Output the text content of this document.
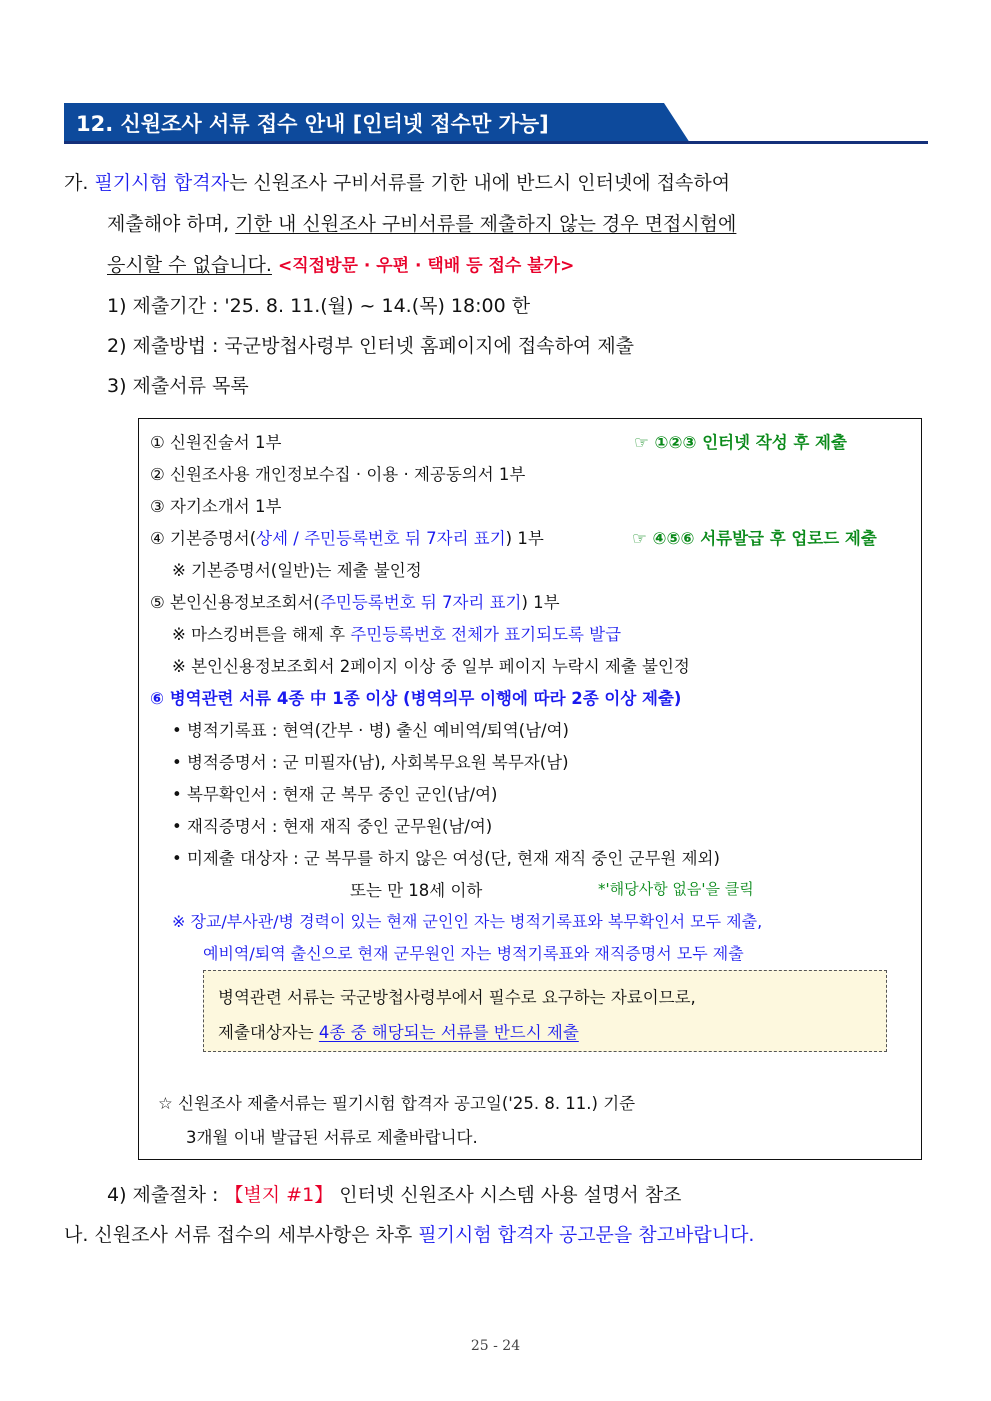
12. 신원조사 서류 접수 안내 [인터넷 접수만 가능]
가. 필기시험 합격자는 신원조사 구비서류를 기한 내에 반드시 인터넷에 접속하여
제출해야 하며, 기한 내 신원조사 구비서류를 제출하지 않는 경우 면접시험에
응시할 수 없습니다. <직접방문 · 우편 · 택배 등 접수 불가>
1) 제출기간 : '25. 8. 11.(월) ~ 14.(목) 18:00 한
2) 제출방법 : 국군방첩사령부 인터넷 홈페이지에 접속하여 제출
3) 제출서류 목록
① 신원진술서 1부	☞ ①②③ 인터넷 작성 후 제출
② 신원조사용 개인정보수집 · 이용 · 제공동의서 1부
③ 자기소개서 1부
④ 기본증명서(상세 / 주민등록번호 뒤 7자리 표기) 1부	☞ ④⑤⑥ 서류발급 후 업로드 제출
※ 기본증명서(일반)는 제출 불인정
⑤ 본인신용정보조회서(주민등록번호 뒤 7자리 표기) 1부
※ 마스킹버튼을 해제 후 주민등록번호 전체가 표기되도록 발급
※ 본인신용정보조회서 2페이지 이상 중 일부 페이지 누락시 제출 불인정
⑥ 병역관련 서류 4종 中 1종 이상 (병역의무 이행에 따라 2종 이상 제출)
• 병적기록표 : 현역(간부 · 병) 출신 예비역/퇴역(남/여)
• 병적증명서 : 군 미필자(남), 사회복무요원 복무자(남)
• 복무확인서 : 현재 군 복무 중인 군인(남/여)
• 재직증명서 : 현재 재직 중인 군무원(남/여)
• 미제출 대상자 : 군 복무를 하지 않은 여성(단, 현재 재직 중인 군무원 제외)
또는 만 18세 이하	*'해당사항 없음'을 클릭
※ 장교/부사관/병 경력이 있는 현재 군인인 자는 병적기록표와 복무확인서 모두 제출,
예비역/퇴역 출신으로 현재 군무원인 자는 병적기록표와 재직증명서 모두 제출
병역관련 서류는 국군방첩사령부에서 필수로 요구하는 자료이므로,
제출대상자는 4종 중 해당되는 서류를 반드시 제출
☆ 신원조사 제출서류는 필기시험 합격자 공고일('25. 8. 11.) 기준
3개월 이내 발급된 서류로 제출바랍니다.
4) 제출절차 : 【별지 #1】 인터넷 신원조사 시스템 사용 설명서 참조
나. 신원조사 서류 접수의 세부사항은 차후 필기시험 합격자 공고문을 참고바랍니다.
25 - 24
